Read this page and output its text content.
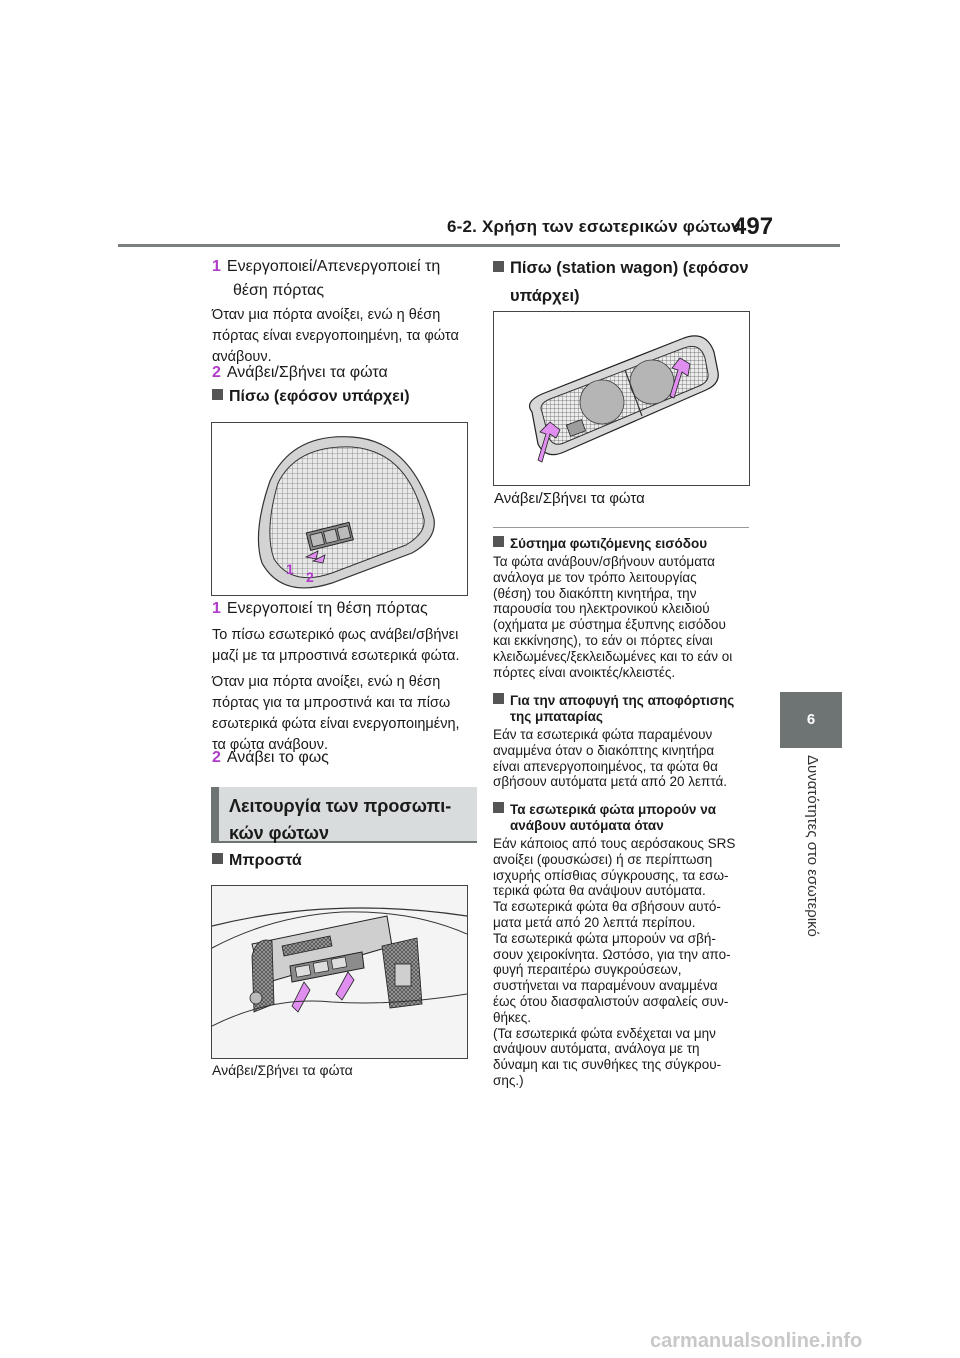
6-2. Χρήση των εσωτερικών φώτων
497
6
Δυνατότητες στο εσωτερικό
1 Ενεργοποιεί/Απενεργοποιεί τη
θέση πόρτας
Όταν μια πόρτα ανοίξει, ενώ η θέση
πόρτας είναι ενεργοποιημένη, τα φώτα
ανάβουν.
2 Ανάβει/Σβήνει τα φώτα
Πίσω (εφόσον υπάρχει)
1 2
1 Ενεργοποιεί τη θέση πόρτας
Το πίσω εσωτερικό φως ανάβει/σβήνει
μαζί με τα μπροστινά εσωτερικά φώτα.
Όταν μια πόρτα ανοίξει, ενώ η θέση
πόρτας για τα μπροστινά και τα πίσω
εσωτερικά φώτα είναι ενεργοποιημένη,
τα φώτα ανάβουν.
2 Ανάβει το φως
Λειτουργία των προσωπι-
κών φώτων
Μπροστά
Ανάβει/Σβήνει τα φώτα
Πίσω (station wagon) (εφόσον
υπάρχει)
Ανάβει/Σβήνει τα φώτα
Σύστημα φωτιζόμενης εισόδου
Τα φώτα ανάβουν/σβήνουν αυτόματα
ανάλογα με τον τρόπο λειτουργίας
(θέση) του διακόπτη κινητήρα, την
παρουσία του ηλεκτρονικού κλειδιού
(οχήματα με σύστημα έξυπνης εισόδου
και εκκίνησης), το εάν οι πόρτες είναι
κλειδωμένες/ξεκλειδωμένες και το εάν οι
πόρτες είναι ανοικτές/κλειστές.
Για την αποφυγή της αποφόρτισης
της μπαταρίας
Εάν τα εσωτερικά φώτα παραμένουν
αναμμένα όταν ο διακόπτης κινητήρα
είναι απενεργοποιημένος, τα φώτα θα
σβήσουν αυτόματα μετά από 20 λεπτά.
Τα εσωτερικά φώτα μπορούν να
ανάβουν αυτόματα όταν
Εάν κάποιος από τους αερόσακους SRS
ανοίξει (φουσκώσει) ή σε περίπτωση
ισχυρής οπίσθιας σύγκρουσης, τα εσω-
τερικά φώτα θα ανάψουν αυτόματα.
Τα εσωτερικά φώτα θα σβήσουν αυτό-
ματα μετά από 20 λεπτά περίπου.
Τα εσωτερικά φώτα μπορούν να σβή-
σουν χειροκίνητα. Ωστόσο, για την απο-
φυγή περαιτέρω συγκρούσεων,
συστήνεται να παραμένουν αναμμένα
έως ότου διασφαλιστούν ασφαλείς συν-
θήκες.
(Τα εσωτερικά φώτα ενδέχεται να μην
ανάψουν αυτόματα, ανάλογα με τη
δύναμη και τις συνθήκες της σύγκρου-
σης.)
carmanualsonline.info
